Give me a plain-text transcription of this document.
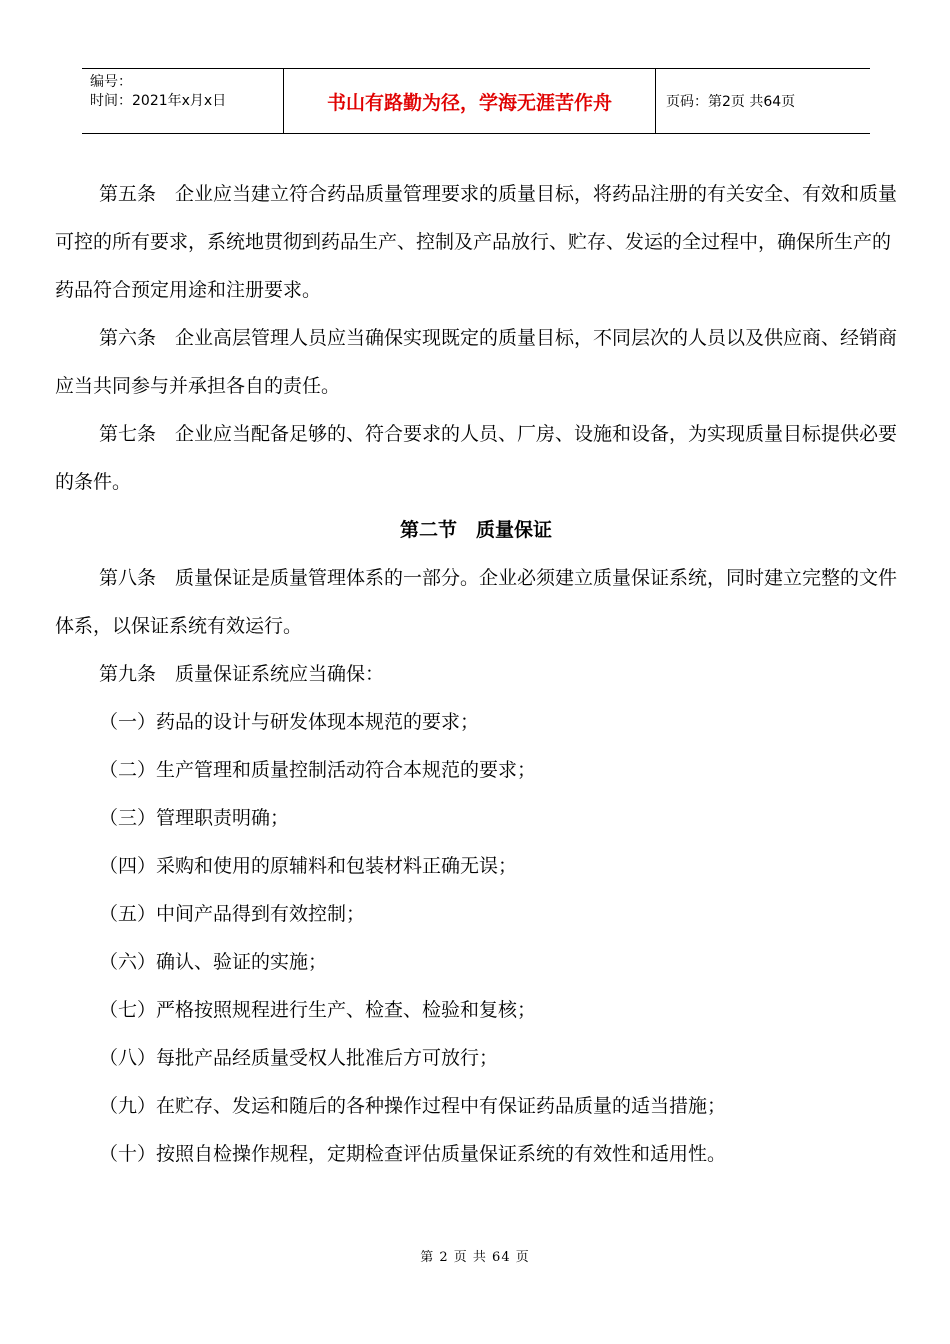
编号：
时间：2021年x月x日	书山有路勤为径，学海无涯苦作舟	页码：第2页 共64页

第五条　企业应当建立符合药品质量管理要求的质量目标，将药品注册的有关安全、有效和质量可控的所有要求，系统地贯彻到药品生产、控制及产品放行、贮存、发运的全过程中，确保所生产的药品符合预定用途和注册要求。

第六条　企业高层管理人员应当确保实现既定的质量目标，不同层次的人员以及供应商、经销商应当共同参与并承担各自的责任。

第七条　企业应当配备足够的、符合要求的人员、厂房、设施和设备，为实现质量目标提供必要的条件。

第二节　质量保证

第八条　质量保证是质量管理体系的一部分。企业必须建立质量保证系统，同时建立完整的文件体系，以保证系统有效运行。

第九条　质量保证系统应当确保：

（一）药品的设计与研发体现本规范的要求；

（二）生产管理和质量控制活动符合本规范的要求；

（三）管理职责明确；

（四）采购和使用的原辅料和包装材料正确无误；

（五）中间产品得到有效控制；

（六）确认、验证的实施；

（七）严格按照规程进行生产、检查、检验和复核；

（八）每批产品经质量受权人批准后方可放行；

（九）在贮存、发运和随后的各种操作过程中有保证药品质量的适当措施；

（十）按照自检操作规程，定期检查评估质量保证系统的有效性和适用性。

第 2 页 共 64 页
